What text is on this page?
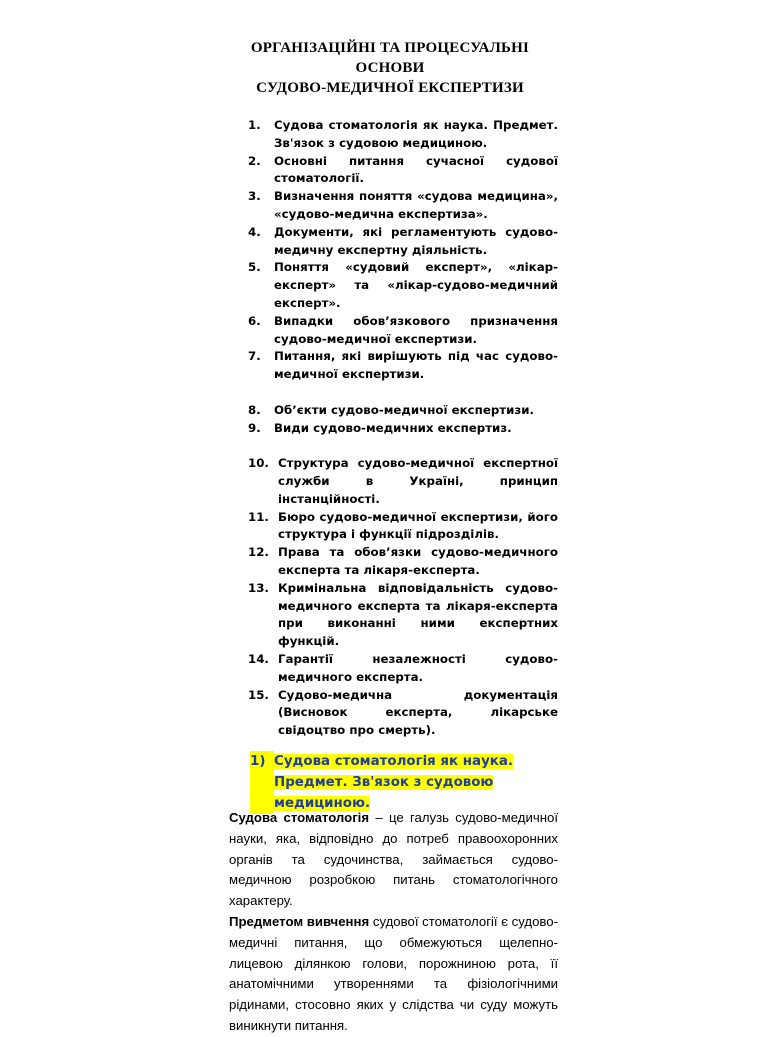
ОРГАНІЗАЦІЙНІ ТА ПРОЦЕСУАЛЬНІ
ОСНОВИ
СУДОВО-МЕДИЧНОЇ ЕКСПЕРТИЗИ
1.	Судова стоматологія як наука. Предмет. Зв'язок з судовою медициною.
2.	Основні питання сучасної судової стоматології.
3.	Визначення поняття «судова медицина», «судово-медична експертиза».
4.	Документи, які регламентують судово-медичну експертну діяльність.
5.	Поняття «судовий експерт», «лікар-експерт» та «лікар-судово-медичний експерт».
6.	Випадки обов’язкового призначення судово-медичної експертизи.
7.	Питання, які вирішують під час судово-медичної експертизи.
8.	Об’єкти судово-медичної експертизи.
9.	Види судово-медичних експертиз.
10. Структура судово-медичної експертної служби в Україні, принцип інстанційності.
11. Бюро судово-медичної експертизи, його структура і функції підрозділів.
12. Права та обов’язки судово-медичного експерта та лікаря-експерта.
13. Кримінальна відповідальність судово-медичного експерта та лікаря-експерта при виконанні ними експертних функцій.
14. Гарантії незалежності судово-медичного експерта.
15. Судово-медична документація (Висновок експерта, лікарське свідоцтво про смерть).
1) Судова стоматологія як наука.
Предмет. Зв'язок з судовою
медициною.

Судова стоматологія – це галузь судово-медичної науки, яка, відповідно до потреб правоохоронних органів та судочинства, займається судово-медичною розробкою питань стоматологічного характеру.

Предметом вивчення судової стоматології є судово-медичні питання, що обмежуються щелепно-лицевою ділянкою голови, порожниною рота, її анатомічними утвореннями та фізіологічними рідинами, стосовно яких у слідства чи суду можуть виникнути питання.
